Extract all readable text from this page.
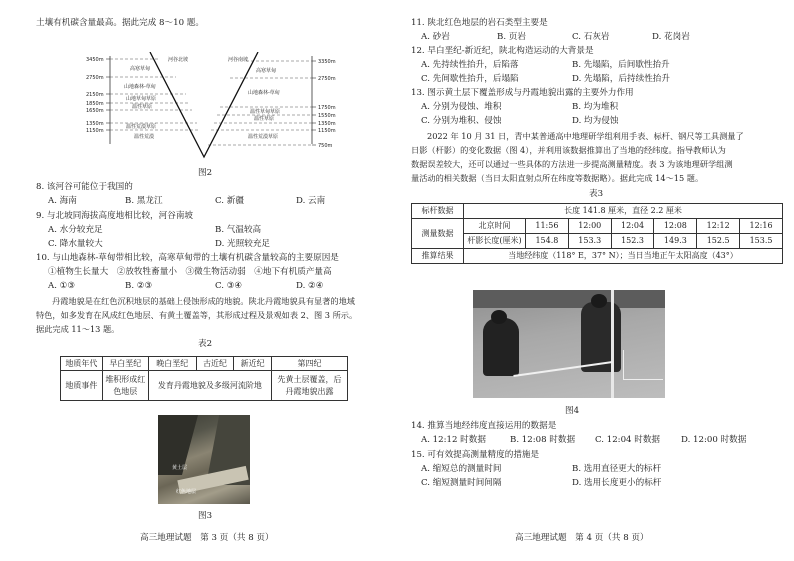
土壤有机碳含量最高。据此完成 8～10 题。
河谷北坡	河谷南坡
3450m
2750m
2150m
1850m
1650m
1350m
1150m
3350m
2750m
1750m
1550m
1350m
1150m
750m
高寒草甸
山地森林-草甸
山地草甸草原
温性草原
温性荒漠草原
温性荒漠
高寒草甸
山地森林-草甸
温性草甸草原
温性草原
温性荒漠草原
图2
8. 该河谷可能位于我国的
A. 海南	B. 黑龙江	C. 新疆	D. 云南
9. 与北坡同海拔高度地相比较，河谷南坡
A. 水分较充足	B. 气温较高
C. 降水量较大	D. 光照较充足
10. 与山地森林-草甸带相比较，高寒草甸带的土壤有机碳含量较高的主要原因是
①植物生长量大　②放牧牲畜量小　③微生物活动弱　④地下有机质产量高
A. ①③	B. ②③	C. ③④	D. ②④
丹霞地貌是在红色沉积地层的基础上侵蚀形成的地貌。陕北丹霞地貌具有显著的地域
特色，如多发育在风成红色地层、有黄土覆盖等，其形成过程及景观如表 2、图 3 所示。
据此完成 11～13 题。
表2
地质年代	早白垩纪	晚白垩纪	古近纪	新近纪	第四纪
地质事件	堆积形成红色地层	发育丹霞地貌及多级河流阶地			先黄土层覆盖，后丹霞地貌出露
黄土层
红色地层
图3
高三地理试题　第 3 页（共 8 页）
11. 陕北红色地层的岩石类型主要是
A. 砂岩	B. 页岩	C. 石灰岩	D. 花岗岩
12. 早白垩纪-新近纪，陕北构造运动的大背景是
A. 先持续性抬升，后陷落	B. 先塌陷，后间歇性抬升
C. 先间歇性抬升，后塌陷	D. 先塌陷，后持续性抬升
13. 图示黄土层下覆盖形成与丹霞地貌出露的主要外力作用
A. 分别为侵蚀、堆积	B. 均为堆积
C. 分别为堆积、侵蚀	D. 均为侵蚀
2022 年 10 月 31 日，青中某普通高中地理研学组利用手表、标杆、钢尺等工具测量了
日影（杆影）的变化数据（图 4），并利用该数据推算出了当地的经纬度。指导教师认为
数据误差较大，还可以通过一些具体的方法进一步提高测量精度。表 3 为该地理研学组测
量活动的相关数据（当日太阳直射点所在纬度等数据略）。据此完成 14～15 题。
表3
标杆数据	长度 141.8 厘米，直径 2.2 厘米						
测量数据	北京时间	11:56	12:00	12:04	12:08	12:12	12:16
	杆影长度(厘米)	154.8	153.3	152.3	149.3	152.5	153.5
推算结果	当地经纬度（118° E，37° N）；当日当地正午太阳高度（43°）						
图4
14. 推算当地经纬度直接运用的数据是
A. 12:12 时数据	B. 12:08 时数据 C. 12:04 时数据 D. 12:00 时数据
15. 可有效提高测量精度的措施是
A. 缩短总的测量时间	B. 选用直径更大的标杆
C. 缩短测量时间间隔	D. 选用长度更小的标杆
高三地理试题　第 4 页（共 8 页）
